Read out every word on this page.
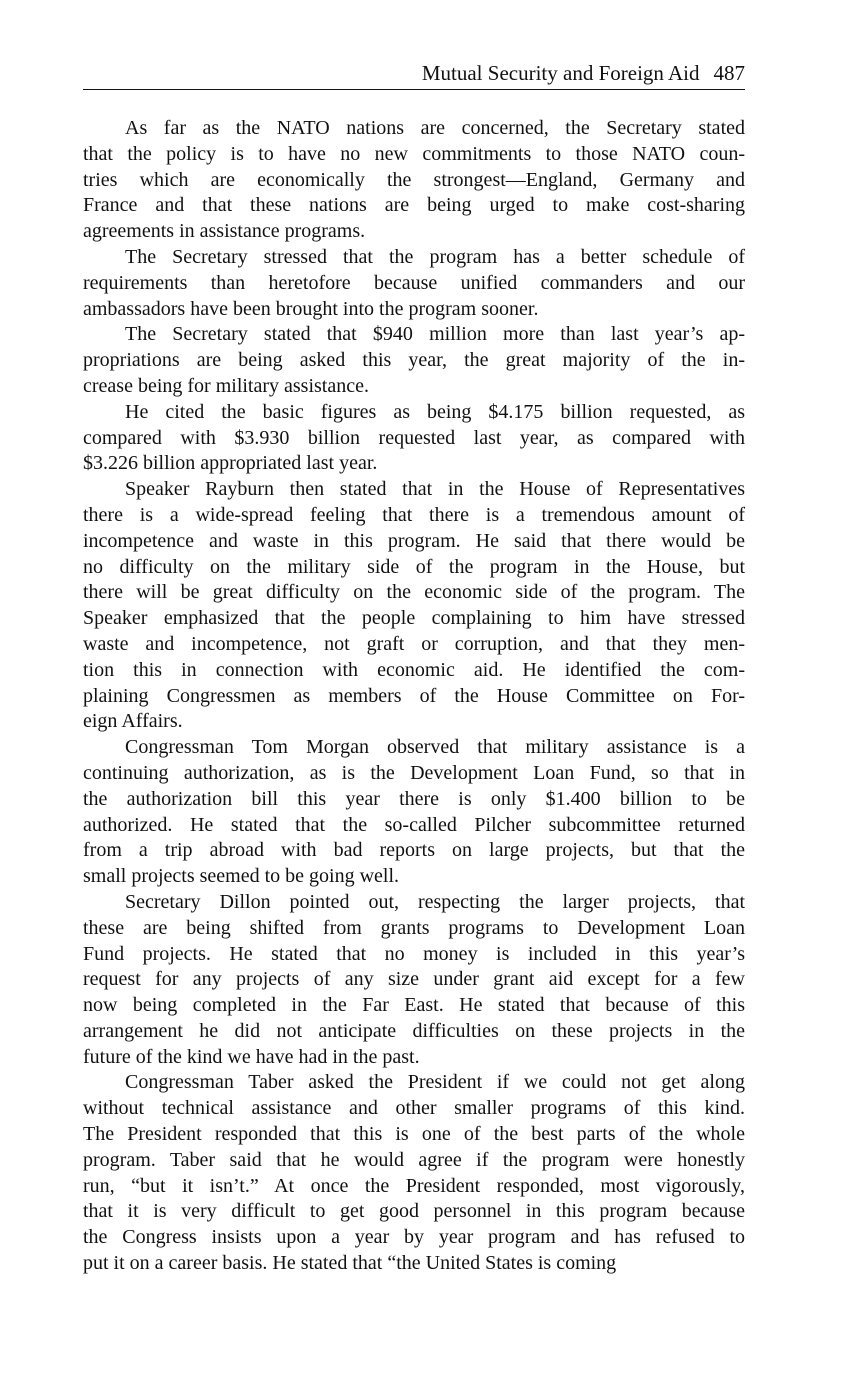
Mutual Security and Foreign Aid 487

As far as the NATO nations are concerned, the Secretary stated
that the policy is to have no new commitments to those NATO coun-
tries which are economically the strongest—England, Germany and
France and that these nations are being urged to make cost-sharing
agreements in assistance programs.

The Secretary stressed that the program has a better schedule of
requirements than heretofore because unified commanders and our
ambassadors have been brought into the program sooner.

The Secretary stated that $940 million more than last year’s ap-
propriations are being asked this year, the great majority of the in-
crease being for military assistance.

He cited the basic figures as being $4.175 billion requested, as
compared with $3.930 billion requested last year, as compared with
$3.226 billion appropriated last year.

Speaker Rayburn then stated that in the House of Representatives
there is a wide-spread feeling that there is a tremendous amount of
incompetence and waste in this program. He said that there would be
no difficulty on the military side of the program in the House, but
there will be great difficulty on the economic side of the program. The
Speaker emphasized that the people complaining to him have stressed
waste and incompetence, not graft or corruption, and that they men-
tion this in connection with economic aid. He identified the com-
plaining Congressmen as members of the House Committee on For-
eign Affairs.

Congressman Tom Morgan observed that military assistance is a
continuing authorization, as is the Development Loan Fund, so that in
the authorization bill this year there is only $1.400 billion to be
authorized. He stated that the so-called Pilcher subcommittee returned
from a trip abroad with bad reports on large projects, but that the
small projects seemed to be going well.

Secretary Dillon pointed out, respecting the larger projects, that
these are being shifted from grants programs to Development Loan
Fund projects. He stated that no money is included in this year’s
request for any projects of any size under grant aid except for a few
now being completed in the Far East. He stated that because of this
arrangement he did not anticipate difficulties on these projects in the
future of the kind we have had in the past.

Congressman Taber asked the President if we could not get along
without technical assistance and other smaller programs of this kind.
The President responded that this is one of the best parts of the whole
program. Taber said that he would agree if the program were honestly
run, “but it isn’t.” At once the President responded, most vigorously,
that it is very difficult to get good personnel in this program because
the Congress insists upon a year by year program and has refused to
put it on a career basis. He stated that “the United States is coming
